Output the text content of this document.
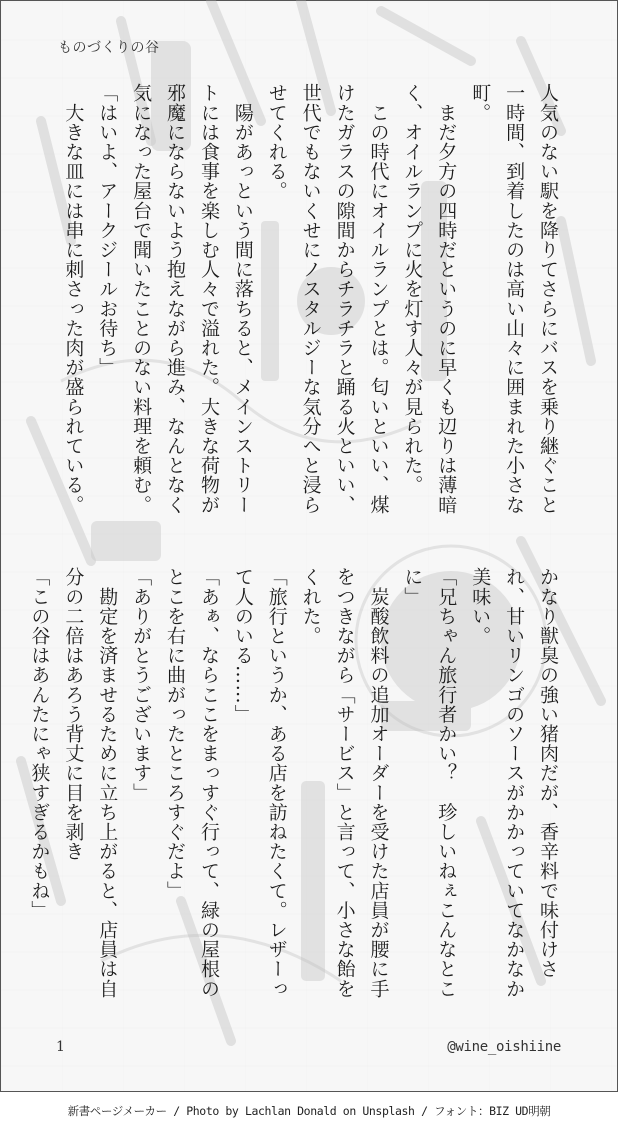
ものづくりの谷

人気のない駅を降りてさらにバスを乗り継ぐこと一時間、到着したのは高い山々に囲まれた小さな町。

　まだ夕方の四時だというのに早くも辺りは薄暗く、オイルランプに火を灯す人々が見られた。

　この時代にオイルランプとは。匂いといい、煤けたガラスの隙間からチラチラと踊る火といい、世代でもないくせにノスタルジーな気分へと浸らせてくれる。

　陽があっという間に落ちると、メインストリートには食事を楽しむ人々で溢れた。大きな荷物が邪魔にならないよう抱えながら進み、なんとなく気になった屋台で聞いたことのない料理を頼む。

「はいよ、アークジールお待ち」

　大きな皿には串に刺さった肉が盛られている。

かなり獣臭の強い猪肉だが、香辛料で味付けされ、甘いリンゴのソースがかかっていてなかなか美味い。

「兄ちゃん旅行者かい？　珍しいねぇこんなとこに」

　炭酸飲料の追加オーダーを受けた店員が腰に手をつきながら「サービス」と言って、小さな飴をくれた。

「旅行というか、ある店を訪ねたくて。レザーって人のいる……」

「あぁ、ならここをまっすぐ行って、緑の屋根のとこを右に曲がったところすぐだよ」

「ありがとうございます」

　勘定を済ませるために立ち上がると、店員は自分の二倍はあろう背丈に目を剥き

「この谷はあんたにゃ狭すぎるかもね」

1	@wine_oishiine
新書ページメーカー / Photo by Lachlan Donald on Unsplash / フォント：BIZ UD明朝
